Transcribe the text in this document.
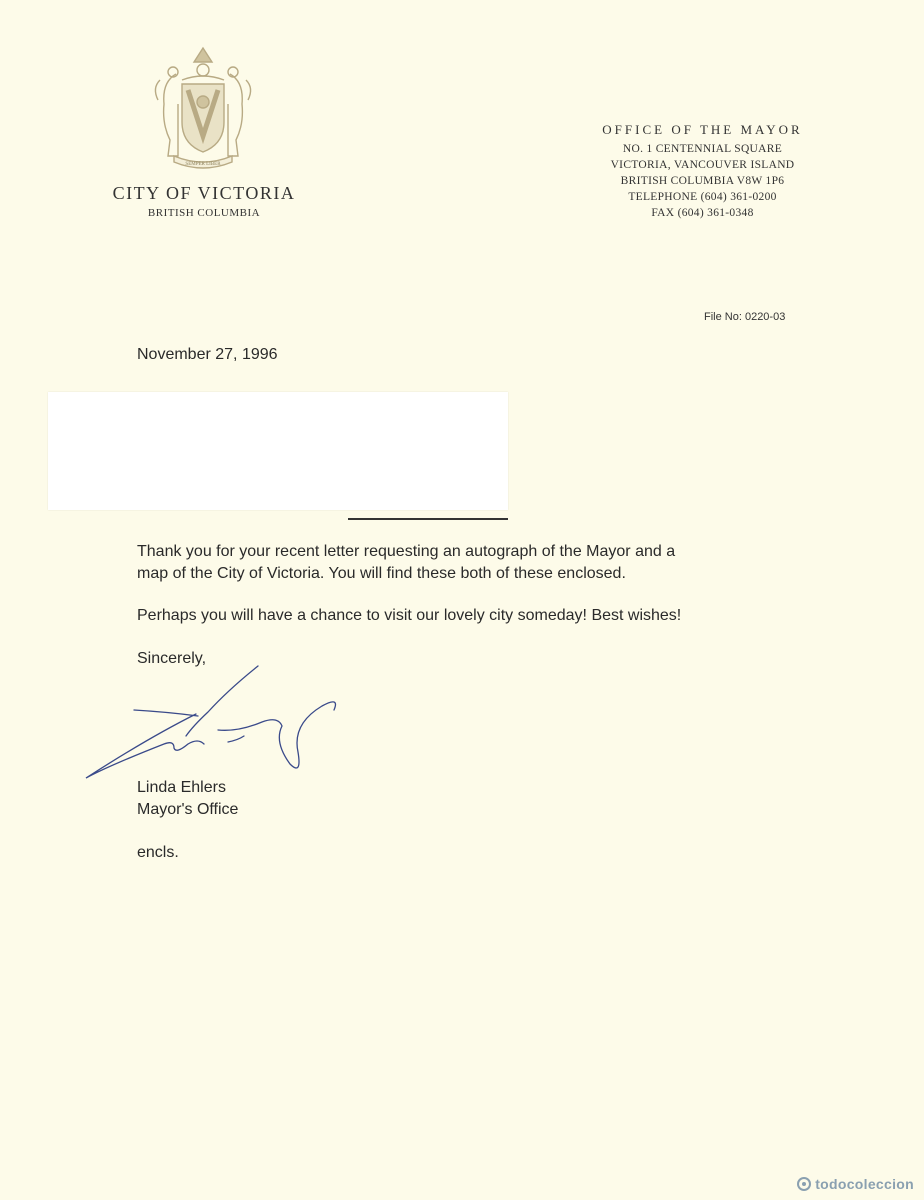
SEMPER LIBER
CITY OF VICTORIA
BRITISH COLUMBIA
OFFICE OF THE MAYOR
NO. 1 CENTENNIAL SQUARE
VICTORIA, VANCOUVER ISLAND
BRITISH COLUMBIA V8W 1P6
TELEPHONE (604) 361-0200
FAX (604) 361-0348
File No: 0220-03
November 27, 1996
Thank you for your recent letter requesting an autograph of the Mayor and a
map of the City of Victoria. You will find these both of these enclosed.
Perhaps you will have a chance to visit our lovely city someday! Best wishes!
Sincerely,
Linda Ehlers
Mayor's Office
encls.
todocoleccion
